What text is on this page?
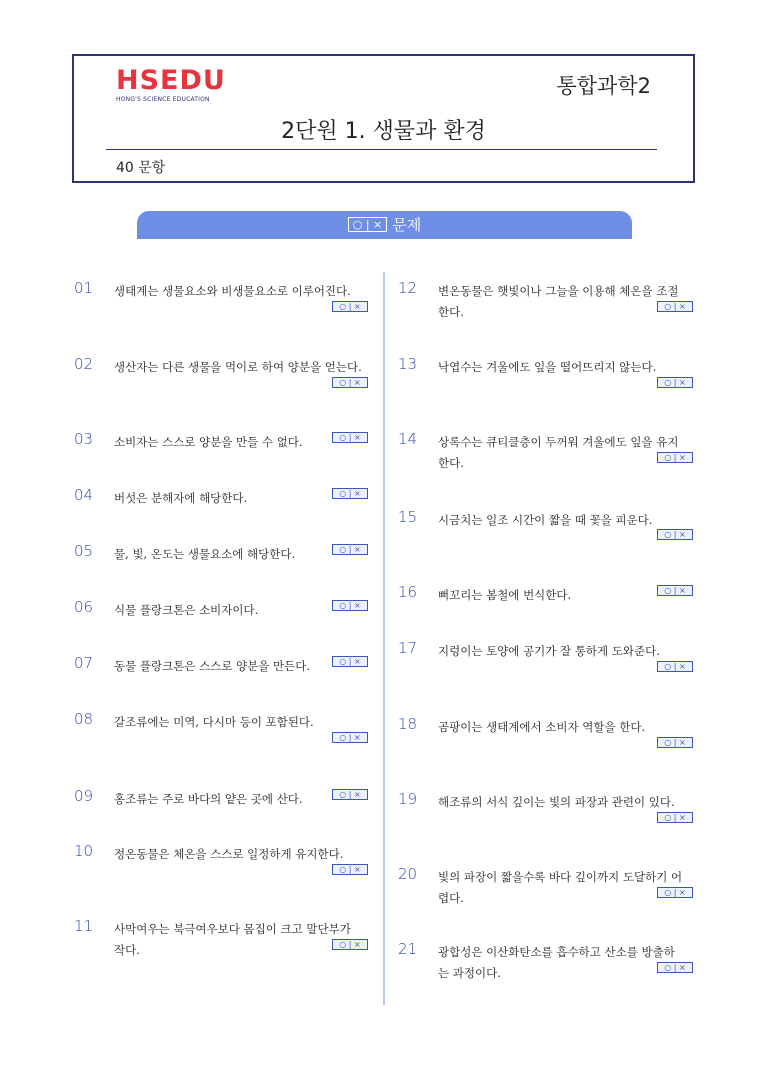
HSEDU
HONG'S SCIENCE EDUCATION
통합과학2
2단원 1. 생물과 환경
40 문항
○ | × 문제
01 생태계는 생물요소와 비생물요소로 이루어진다.
○ | ×
02 생산자는 다른 생물을 먹이로 하여 양분을 얻는다.
○ | ×
03 소비자는 스스로 양분을 만들 수 없다.	○ | ×
04 버섯은 분해자에 해당한다.	○ | ×
05 물, 빛, 온도는 생물요소에 해당한다.	○ | ×
06 식물 플랑크톤은 소비자이다.	○ | ×
07 동물 플랑크톤은 스스로 양분을 만든다.	○ | ×
08 갈조류에는 미역, 다시마 등이 포함된다.
○ | ×
09 홍조류는 주로 바다의 얕은 곳에 산다.	○ | ×
10 정온동물은 체온을 스스로 일정하게 유지한다.
○ | ×
11 사막여우는 북극여우보다 몸집이 크고 말단부가
작다.	○ | ×
12 변온동물은 햇빛이나 그늘을 이용해 체온을 조절
한다.	○ | ×
13 낙엽수는 겨울에도 잎을 떨어뜨리지 않는다.
○ | ×
14 상록수는 큐티클층이 두꺼워 겨울에도 잎을 유지
한다.	○ | ×
15 시금치는 일조 시간이 짧을 때 꽃을 피운다.
○ | ×
16 뻐꼬리는 봄철에 번식한다.	○ | ×
17 지렁이는 토양에 공기가 잘 통하게 도와준다.
○ | ×
18 곰팡이는 생태계에서 소비자 역할을 한다.
○ | ×
19 해조류의 서식 깊이는 빛의 파장과 관련이 있다.
○ | ×
20 빛의 파장이 짧을수록 바다 깊이까지 도달하기 어
렵다.	○ | ×
21 광합성은 이산화탄소를 흡수하고 산소를 방출하
는 과정이다.	○ | ×
